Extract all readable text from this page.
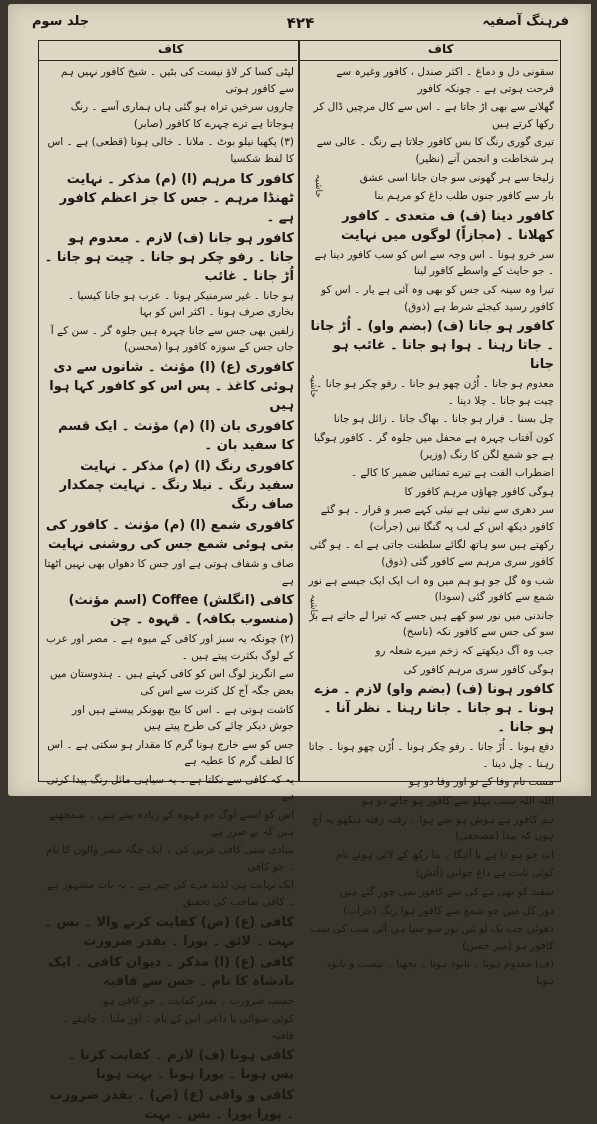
فرہنگ آصفیہ
۴۲۴
جلد سوم
کاف
کاف
حاشیہ
حاشیہ
حاشیہ

سقونی دل و دماغ ۔ اکثر صندل ، کافور وغیرہ سے فرحت ہوتی ہے ۔ چونکہ کافور

گھلانے سے بھی اڑ جاتا ہے ۔ اس سے کال مرچیں ڈال کر رکھا کرتے ہیں

تیری گوری رنگ کا بس کافور جلاتا ہے رنگ ۔ عالی سے ہر شخاطت و انجمن آنے (نظیر)

زلیخا سے ہر گھونی سو جان جانا اسی عشق

بار سے کافور جنوں طلب داغ کو مرہم بنا

کافور دینا (ف) ف متعدی ۔ کافور کھلانا ۔ (مجازاً) لوگوں میں نہایت

سر خرو ہونا ۔ اس وجہ سے اس کو سب کافور دینا ہے ۔ جو حایث کے واسطے کافور لینا

تیرا وہ سینہ کی جس کو بھی وہ آئی ہے یار ۔ اس کو کافور رسید کیجئے شرط ہے (ذوق)

کافور ہو جانا (ف) (بضم واو) ۔ اُڑ جانا ۔ جاتا رہنا ۔ ہوا ہو جانا ۔ غائب ہو جانا

معدوم ہو جانا ۔ اُڑن چھو ہو جانا ۔ رفو چکر ہو جانا ۔ چیت ہو جانا ۔ چلا دینا ۔

چل بسنا ۔ فرار ہو جانا ۔ بھاگ جانا ۔ زائل ہو جانا

کون آفتاب چہرہ ہے محفل میں جلوہ گر ۔ کافور ہوگیا ہے جو شمع لگن کا رنگ (وزیر)

اضطراب الفت ہے تیرے تمنائیں ضمیر کا کالے ۔

ہوگی کافور چھاؤں مرہم کافور کا

سر دھری سے نیئی ہے نیئی کہے صبر و قرار ۔ ہو گئے کافور دیکھ اس کے لب پہ گنگا نیں (جرأت)

رکھتے ہیں سو ہاتھ لگائے سلطنت جاتی ہے اے ۔ ہو گئی کافور سری مرہم سے کافور گئی (ذوق)

شب وہ گل جو ہو ہم میں وہ اب ایک ایک جیسے ہے نور شمع سے کافور گئی (سودا)

جاندنی میں نور سو کھے ہیں جسے کہ تیرا لے جاتے ہے بر سو کی جس سے کافور نکہ (ناسخ)

جب وہ آگ دیکھتے کہ زخم میرے شعلہ رو

ہوگی کافور سری مرہم کافور کی

کافور ہونا (ف) (بضم واو) لازم ۔ مزے ہونا ۔ ہو جانا ۔ جاتا رہنا ۔ نظر آنا ۔ ہو جانا ۔

دفع ہونا ۔ اُڑ جانا ۔ رفو چکر ہونا ۔ اُڑن چھو ہونا ۔ جاتا رہنا ۔ چل دینا ۔

مست نام وفا کے تو اور وفا دو ہو

اللہ اللہ سبب پہلو سے کافور ہو جائے دو ہو

ہم کافور ہے ہوش ہو سے ہوا ۔ رفتہ رفتہ دیکھو یہ آج ہوں کہ پیدا (مصحفی)

اب جو ہو دا ہے یا آئیگا ۔ بنا رکھ کے لائی ہوئے نام

کوئی ثابت ہے داغ جوانی (آتش)

سفید کو بھی ہے کی سے کافور نمی چور گئے ہیں

دور کل میں جو شمع سے کافور ہوا رنگ (جرأت)

دھوئی جب یک لو ٹیں نور سو سیا ہی آئی سب کی سب کافور ہو (میر حسن)

(ف) معدوم ہونا ۔ نابود ہونا ۔ بجھنا ۔ نیست و نابود ہونا

لپٹی کسا کر لاؤ نیست کی بٹیں ۔ شیخ کافور نہیں ہم سے کافور ہوتی

چاروں سرخیں تراہ ہو گئی ہاں ہماری آسے ۔ رنگ ہوجاتا ہے ترے چہرے کا کافور (صابر)

(۳) پکھیا نیلو بوٹ ۔ ملانا ۔ خالی ہونا (قطعی) ہے ۔ اس کا لفظ شکسیا

کافور کا مرہم (ا) (م) مذکر ۔ نہایت ٹھنڈا مرہم ۔ جس کا جز اعظم کافور ہے ۔

کافور ہو جانا (ف) لازم ۔ معدوم ہو جانا ۔ رفو چکر ہو جانا ۔ چیت ہو جانا ۔ اُڑ جانا ۔ غائب

ہو جانا ۔ غیر سرمنیکر ہونا ۔ عرب ہو جانا کیسیا ۔ بخاری صرف ہونا ۔ اکثر اس کو بہا

زلفیں بھی جس سے جانا چہرہ ہیں جلوہ گر ۔ سن کے آ جاں جس کے سوزہ کافور ہوا (محسن)

کافوری (ع) (ا) مؤنث ۔ شانوں سے دی ہوئی کاغذ ۔ پس اس کو کافور کہا ہوا ہیں

کافوری بان (ا) (م) مؤنث ۔ ایک قسم کا سفید بان ۔

کافوری رنگ (ا) (م) مذکر ۔ نہایت سفید رنگ ۔ نیلا رنگ ۔ نہایت چمکدار صاف رنگ

کافوری شمع (ا) (م) مؤنث ۔ کافور کی بتی ہوئی شمع جس کی روشنی نہایت

صاف و شفاف ہوتی ہے اور جس کا دھواں بھی نہیں اٹھتا ہے

کافی (انگلش) Coffee (اسم مؤنث) (منسوب بکافہ) ۔ قہوہ ۔ چن

(۲) چونکہ یہ سبز اور کافی کے میوہ ہے ۔ مصر اور عرب کے لوگ بکثرت پیتے ہیں ۔

سے انگریز لوگ اس کو کافی کہتے ہیں ۔ ہندوستان میں بعض جگہ آج کل کثرت سے اس کی

کاشت ہوتی ہے ۔ اس کا بیج بھونکر پیستے ہیں اور جوش دیکر چائے کی طرح پیتے ہیں

جس کو سے خارج ہونا گرم کا مقدار ہو سکتی ہے ۔ اس کا لطف گرم کا عطیہ ہے

یہ کہ کافی سے نکلتا ہے ۔ یہ سیاہی مائل رنگ پیدا کرتی ہے

اس کو ایسے لوگ جو قہوہ کے زیادہ پیتے ہیں ۔ سمجھتے ہیں کہ بے ضرر ہے

بنیادی سنی کافی عربی کی ۔ ایک جگہ مصر والوں کا نام ۔ جو کافی

ایک نہایت ہی لذیذ مزے کی چیز ہے ۔ یہ بات مشہور ہے ۔ کافی صاحب کی تحقیق

کافی (ع) (ص) کفایت کرنے والا ۔ بس ۔ بہت ۔ لائق ۔ پورا ۔ بقدر ضرورت

کافی (ع) (ا) مذکر ۔ دیوان کافی ۔ ایک بادشاہ کا نام ۔ جس سے قافیہ

حسب ضرورت ۔ بقدر کفایت ۔ جو کافی ہو

کوئی سوالی یا داعی اس کے نام ۔ اور ملنا ۔ چاہئے ۔ قافیہ

کافی ہونا (ف) لازم ۔ کفایت کرنا ۔ بس ہونا ۔ پورا ہونا ۔ بہت ہونا

کافی و وافی (ع) (ص) ۔ بقدر ضرورت ۔ پورا پورا ۔ بس ۔ بہت
